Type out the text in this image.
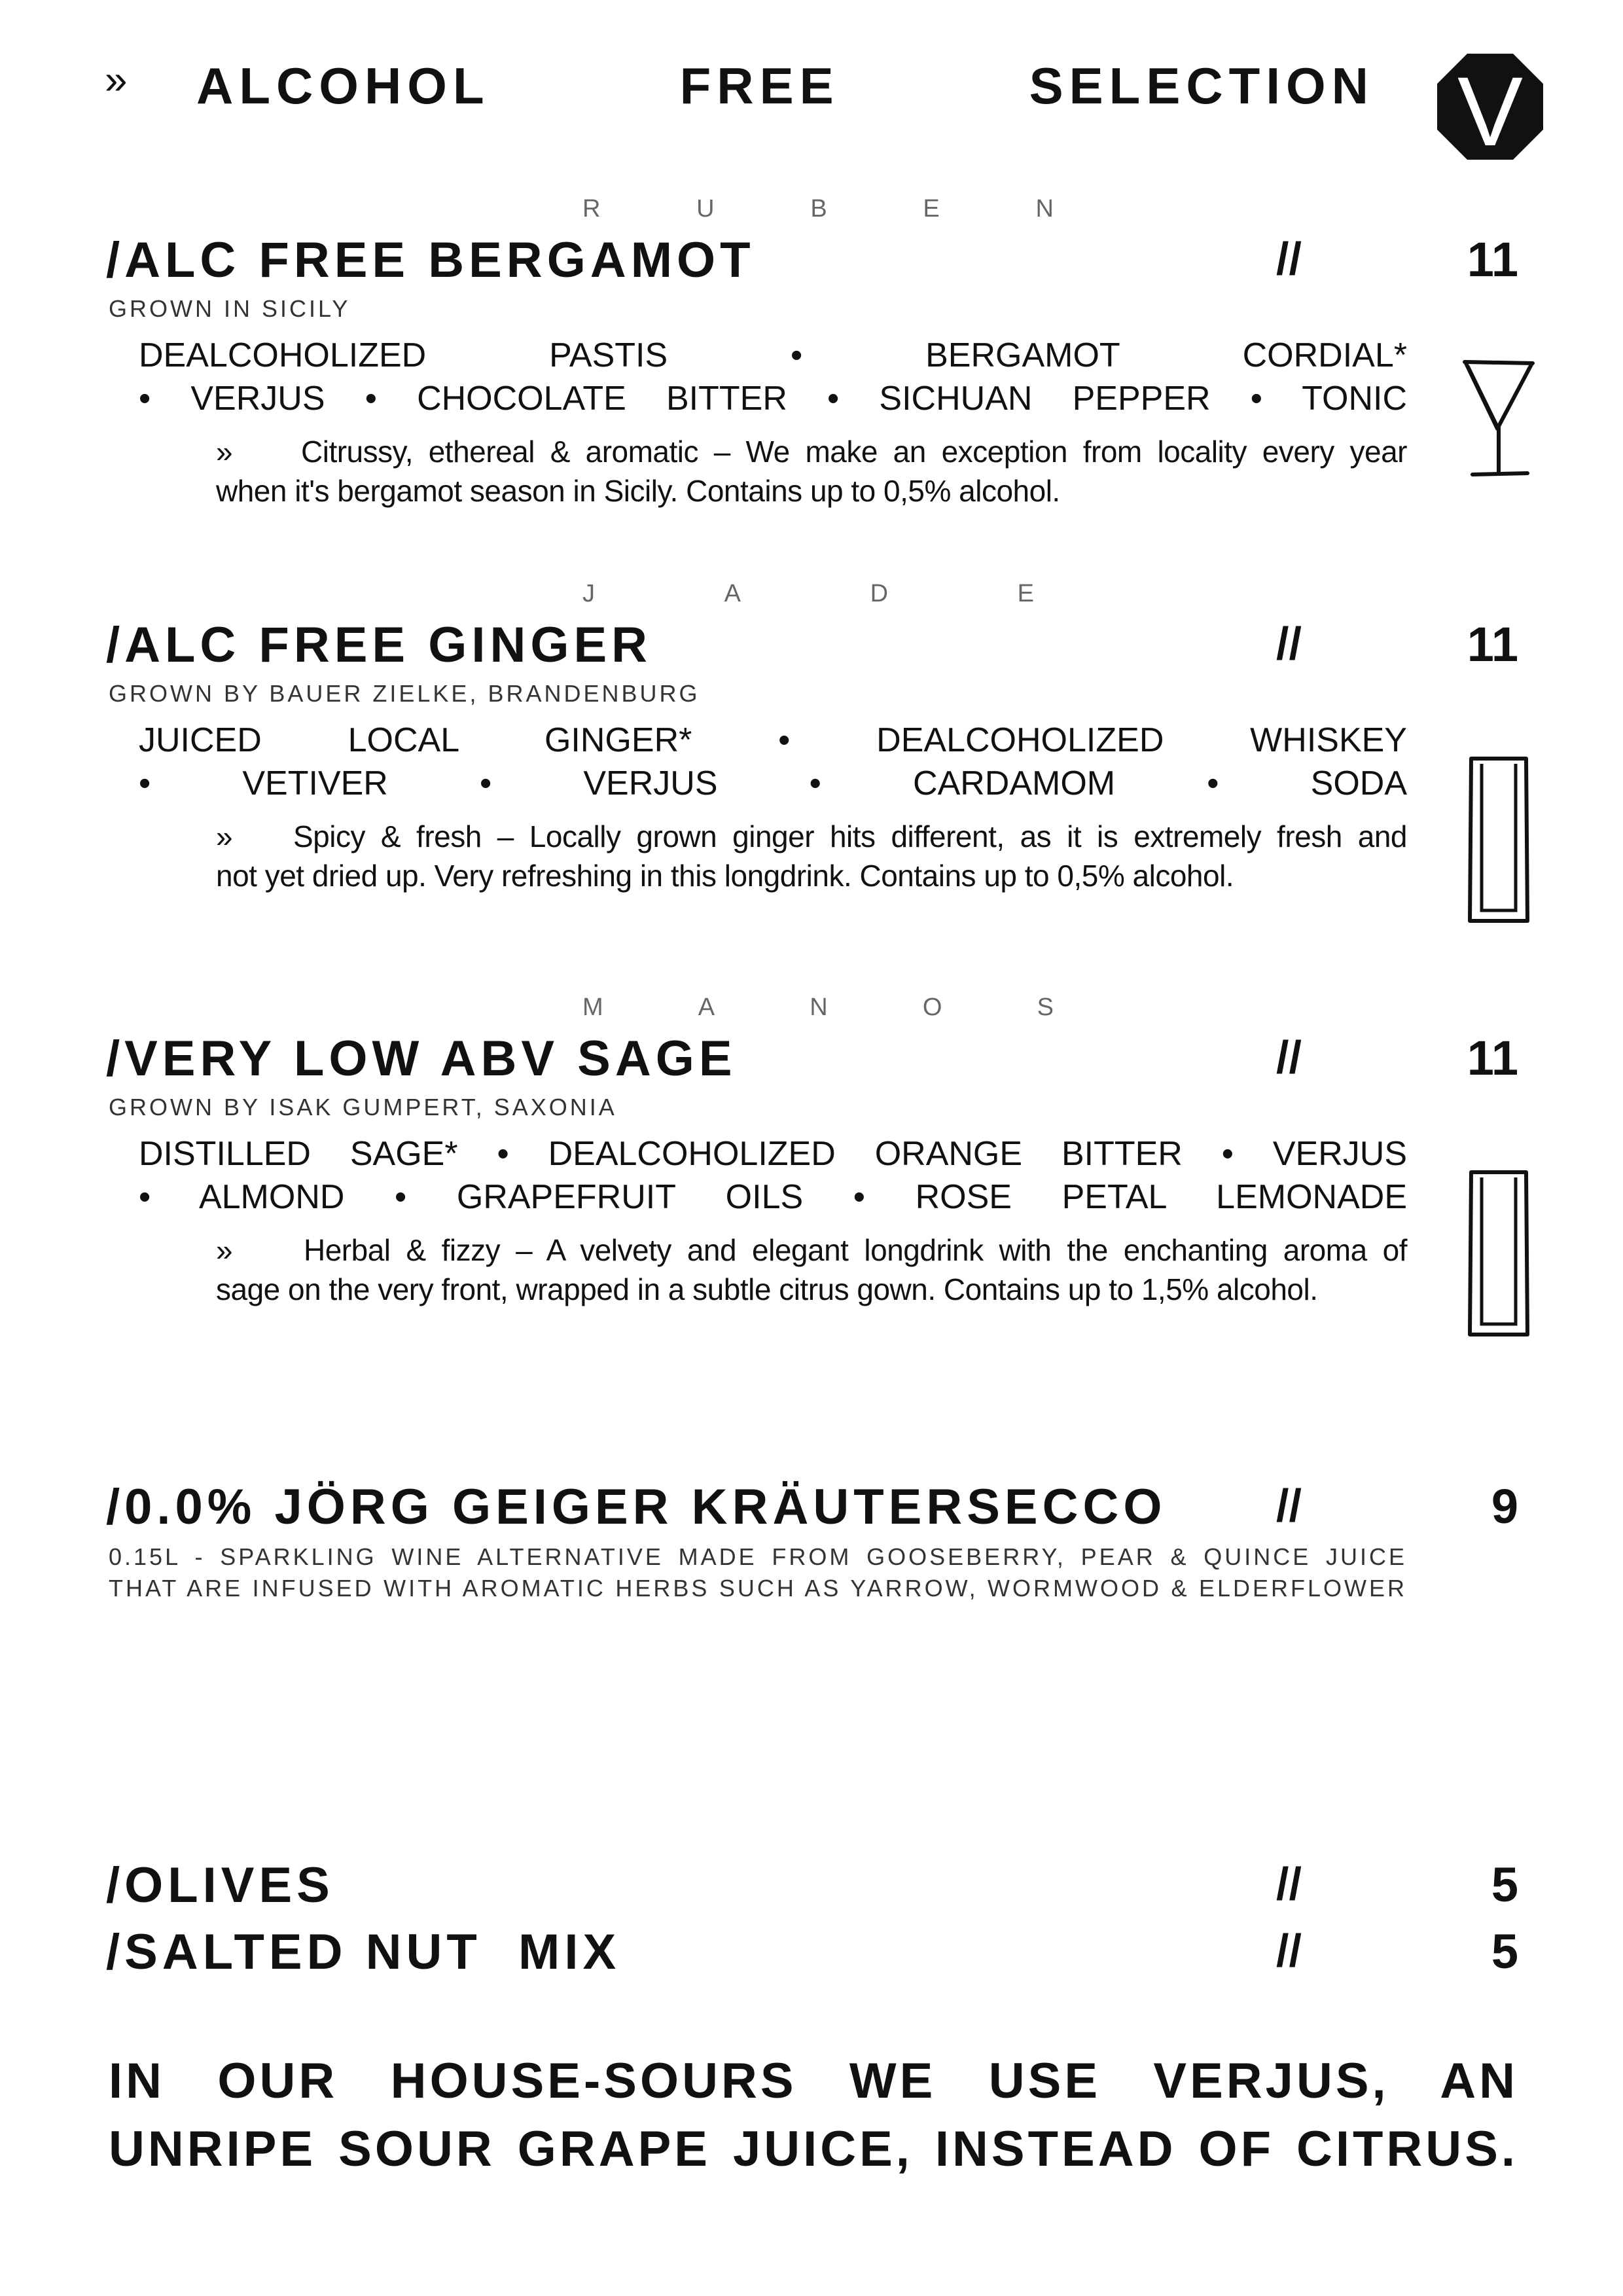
» ALCOHOL	FREE	SELECTION V
R	U	B	E	N
/ALC FREE BERGAMOT	//	11
GROWN IN SICILY
DEALCOHOLIZED PASTIS • BERGAMOT CORDIAL*
• VERJUS • CHOCOLATE BITTER • SICHUAN PEPPER • TONIC
» Citrussy, ethereal & aromatic – We make an exception from locality every year
when it's bergamot season in Sicily. Contains up to 0,5% alcohol.
J	A	D	E
/ALC FREE GINGER	//	11
GROWN BY BAUER ZIELKE, BRANDENBURG
JUICED LOCAL GINGER* • DEALCOHOLIZED WHISKEY
• VETIVER • VERJUS • CARDAMOM • SODA
» Spicy & fresh – Locally grown ginger hits different, as it is extremely fresh and
not yet dried up. Very refreshing in this longdrink. Contains up to 0,5% alcohol.
M	A	N	O	S
/VERY LOW ABV SAGE	//	11
GROWN BY ISAK GUMPERT, SAXONIA
DISTILLED SAGE* • DEALCOHOLIZED ORANGE BITTER • VERJUS
• ALMOND • GRAPEFRUIT OILS • ROSE PETAL LEMONADE
» Herbal & fizzy – A velvety and elegant longdrink with the enchanting aroma of
sage on the very front, wrapped in a subtle citrus gown. Contains up to 1,5% alcohol.
/0.0% JÖRG GEIGER KRÄUTERSECCO //	9
0.15L - SPARKLING WINE ALTERNATIVE MADE FROM GOOSEBERRY, PEAR & QUINCE JUICE
THAT ARE INFUSED WITH AROMATIC HERBS SUCH AS YARROW, WORMWOOD & ELDERFLOWER
/OLIVES	//	5
/SALTED NUT  MIX	//	5
IN OUR HOUSE-SOURS WE USE VERJUS, AN
UNRIPE SOUR GRAPE JUICE, INSTEAD OF CITRUS.
